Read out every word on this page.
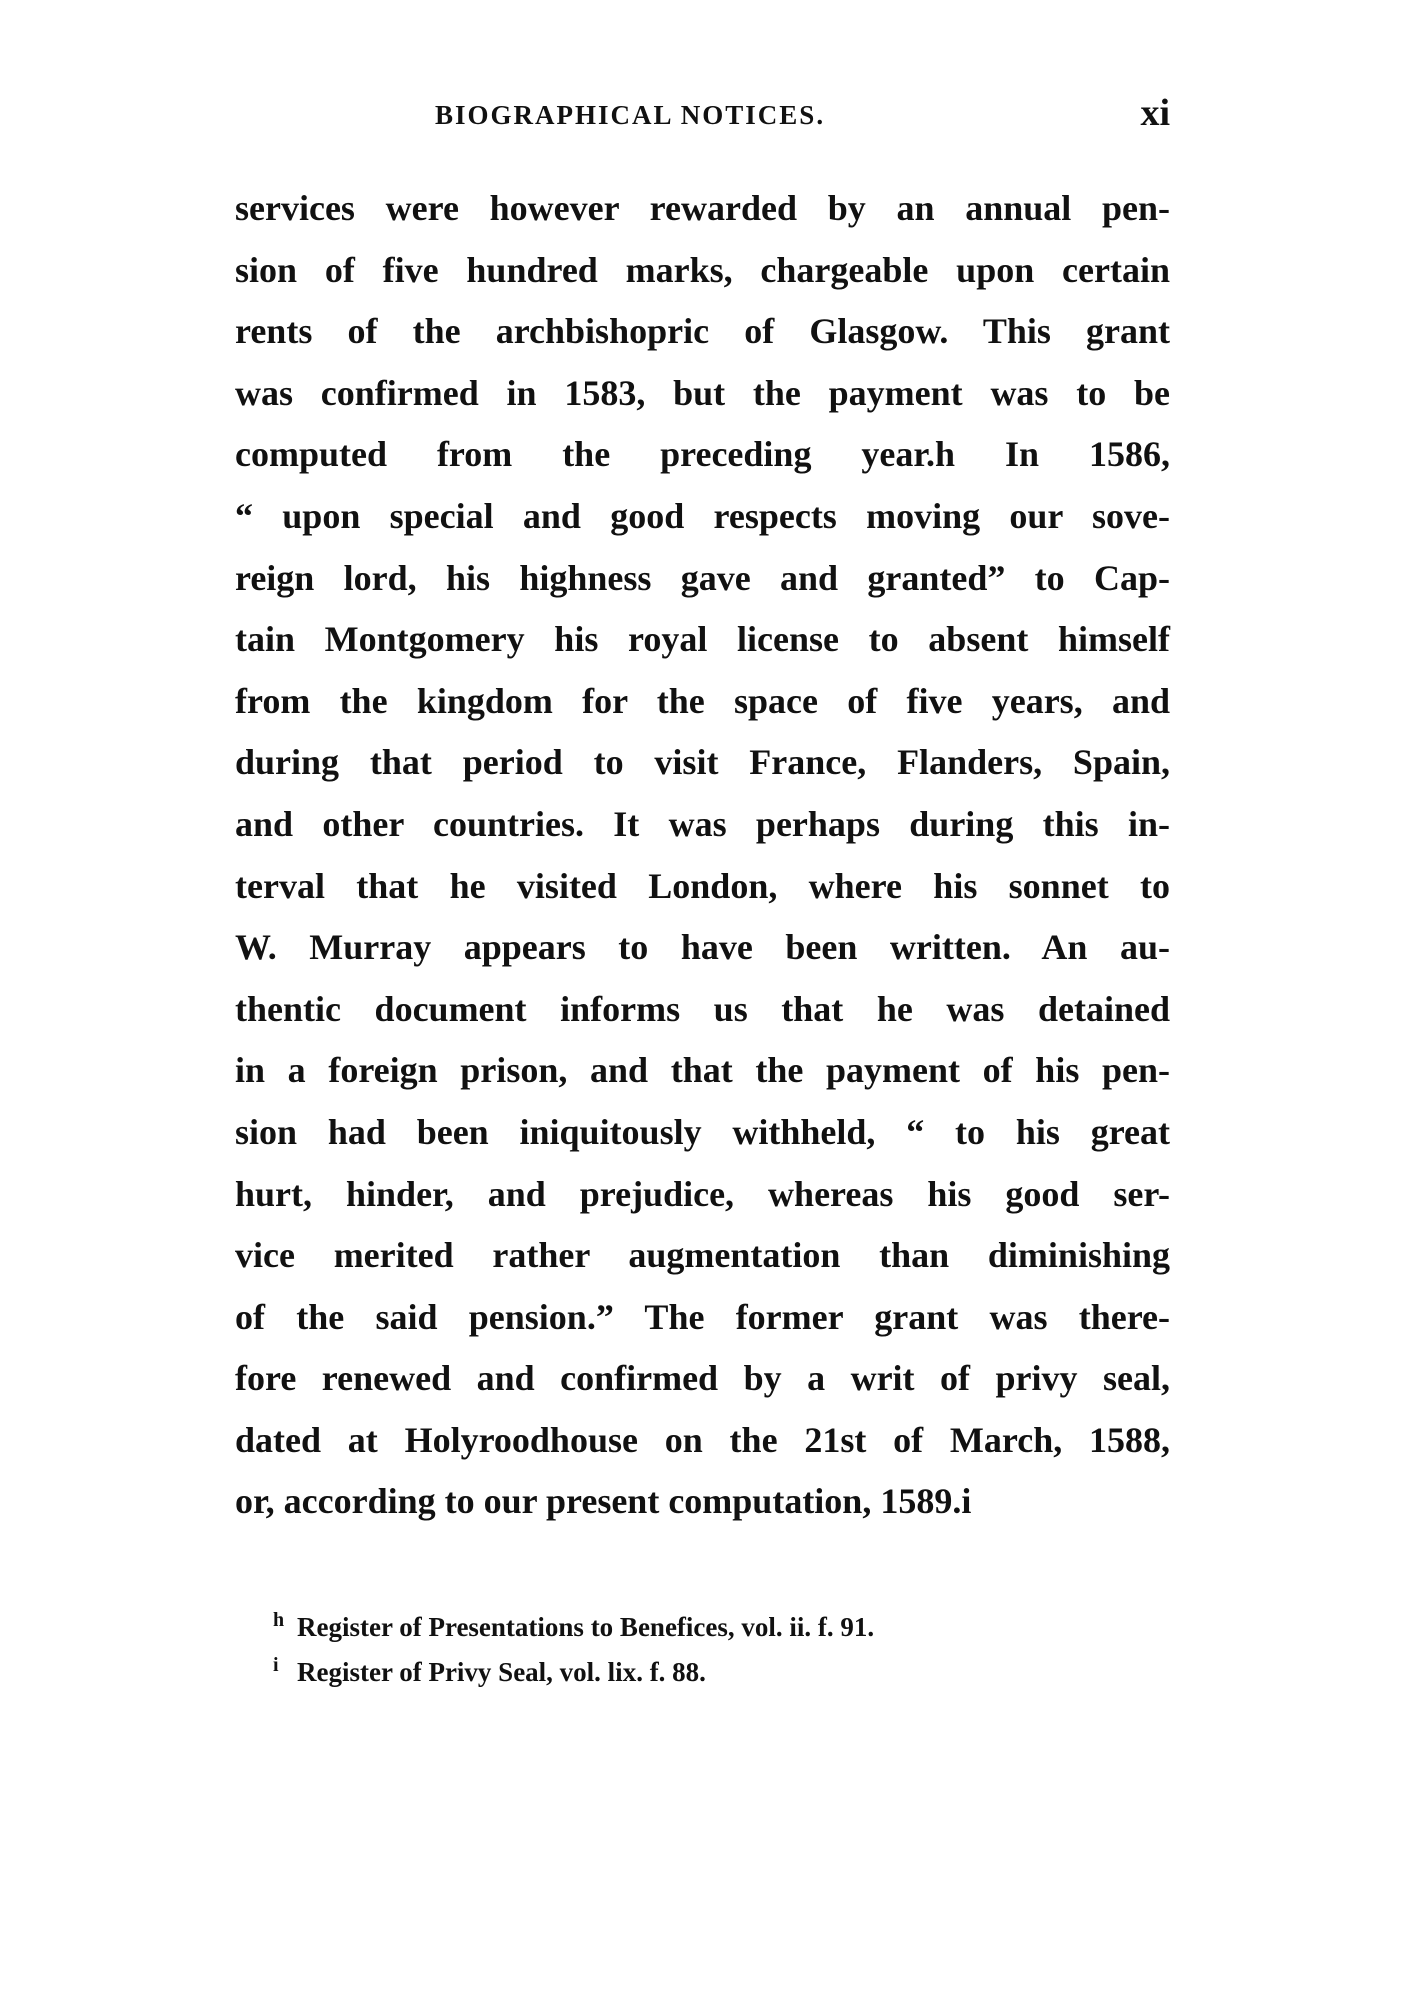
BIOGRAPHICAL NOTICES.	xi
services were however rewarded by an annual pen-
sion of five hundred marks, chargeable upon certain
rents of the archbishopric of Glasgow. This grant
was confirmed in 1583, but the payment was to be
computed from the preceding year.h In 1586,
“ upon special and good respects moving our sove-
reign lord, his highness gave and granted” to Cap-
tain Montgomery his royal license to absent himself
from the kingdom for the space of five years, and
during that period to visit France, Flanders, Spain,
and other countries. It was perhaps during this in-
terval that he visited London, where his sonnet to
W. Murray appears to have been written. An au-
thentic document informs us that he was detained
in a foreign prison, and that the payment of his pen-
sion had been iniquitously withheld, “ to his great
hurt, hinder, and prejudice, whereas his good ser-
vice merited rather augmentation than diminishing
of the said pension.” The former grant was there-
fore renewed and confirmed by a writ of privy seal,
dated at Holyroodhouse on the 21st of March, 1588,
or, according to our present computation, 1589.i
h Register of Presentations to Benefices, vol. ii. f. 91.
i Register of Privy Seal, vol. lix. f. 88.
